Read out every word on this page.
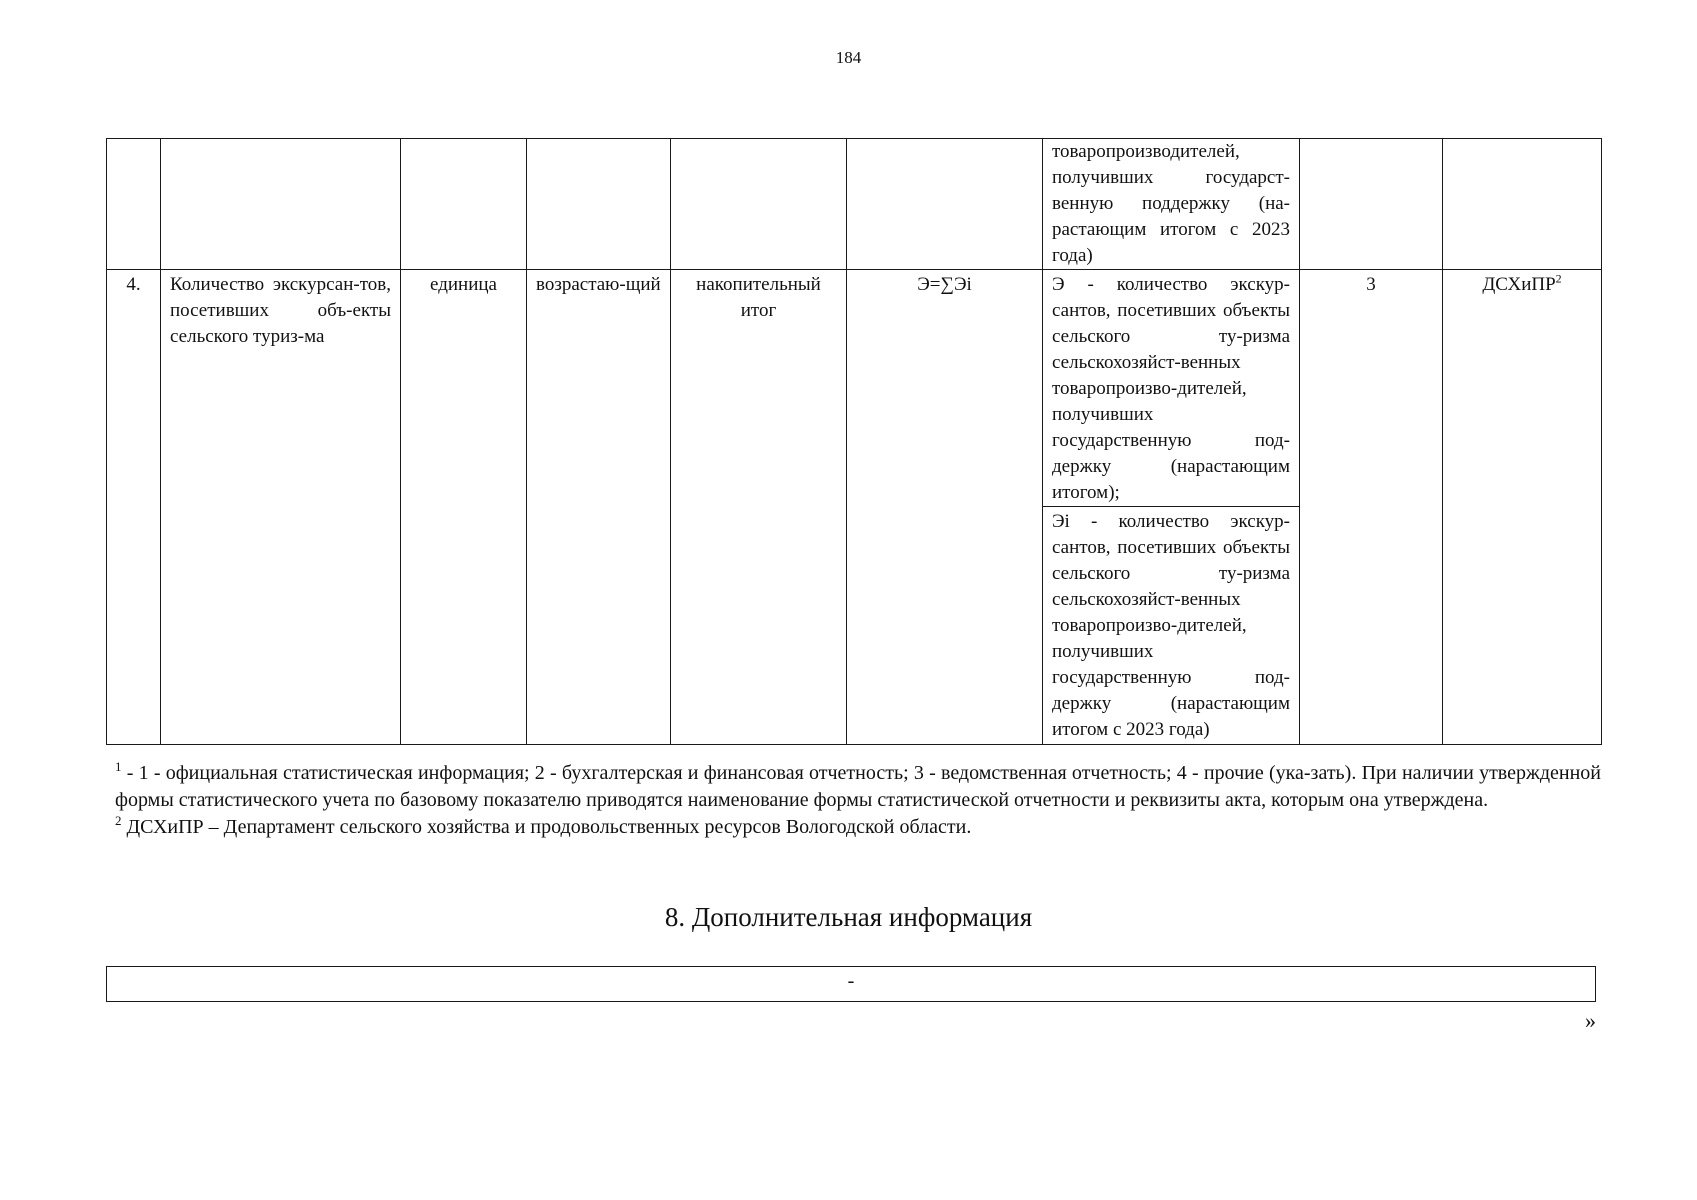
184
						товаропроизводителей, получивших государст-венную поддержку (на-растающим итогом с 2023 года)		
4.	Количество экскурсан-тов, посетивших объ-екты сельского туриз-ма	единица	возрастаю-щий	накопительный итог	Э=∑Эi	Э - количество экскур-сантов, посетивших объекты сельского ту-ризма сельскохозяйст-венных товаропроизво-дителей, получивших государственную под-держку (нарастающим итогом);	3	ДСХиПР$^2$
						Эi - количество экскур-сантов, посетивших объекты сельского ту-ризма сельскохозяйст-венных товаропроизво-дителей, получивших государственную под-держку (нарастающим итогом с 2023 года)		

$^1$ - 1 - официальная статистическая информация; 2 - бухгалтерская и финансовая отчетность; 3 - ведомственная отчетность; 4 - прочие (ука-зать). При наличии утвержденной формы статистического учета по базовому показателю приводятся наименование формы статистической отчетности и реквизиты акта, которым она утверждена.

$^2$ ДСХиПР – Департамент сельского хозяйства и продовольственных ресурсов Вологодской области.

8. Дополнительная информация
-
»
